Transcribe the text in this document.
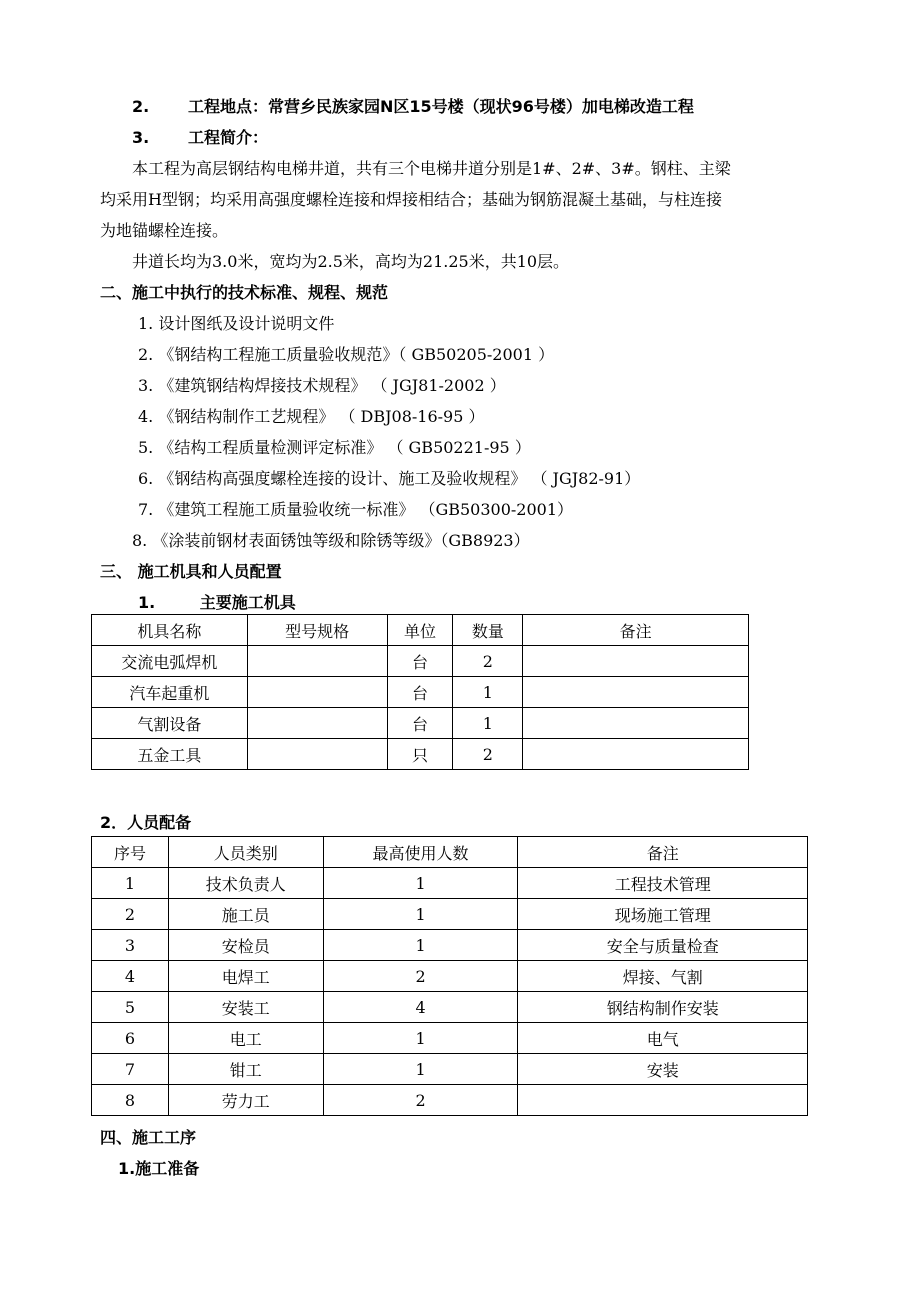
2. 工程地点：常营乡民族家园N区15号楼（现状96号楼）加电梯改造工程
3. 工程简介：
本工程为高层钢结构电梯井道，共有三个电梯井道分别是1#、2#、3#。钢柱、主梁
均采用H型钢；均采用高强度螺栓连接和焊接相结合；基础为钢筋混凝土基础，与柱连接
为地锚螺栓连接。
井道长均为3.0米，宽均为2.5米，高均为21.25米，共10层。
二、施工中执行的技术标准、规程、规范
1. 设计图纸及设计说明文件
2. 《钢结构工程施工质量验收规范》（ GB50205-2001 ）
3. 《建筑钢结构焊接技术规程》 （ JGJ81-2002 ）
4. 《钢结构制作工艺规程》 （ DBJ08-16-95 ）
5. 《结构工程质量检测评定标准》 （ GB50221-95 ）
6. 《钢结构高强度螺栓连接的设计、施工及验收规程》 （ JGJ82-91）
7. 《建筑工程施工质量验收统一标准》 （GB50300-2001）
8. 《涂装前钢材表面锈蚀等级和除锈等级》（GB8923）
三、 施工机具和人员配置
1.        主要施工机具
机具名称	型号规格	单位	数量	备注
交流电弧焊机		台	2	
汽车起重机		台	1	
气割设备		台	1	
五金工具		只	2	
2．人员配备
序号	人员类别	最高使用人数	备注
1	技术负责人	1	工程技术管理
2	施工员	1	现场施工管理
3	安检员	1	安全与质量检查
4	电焊工	2	焊接、气割
5	安装工	4	钢结构制作安装
6	电工	1	电气
7	钳工	1	安装
8	劳力工	2	
四、施工工序
1.施工准备
